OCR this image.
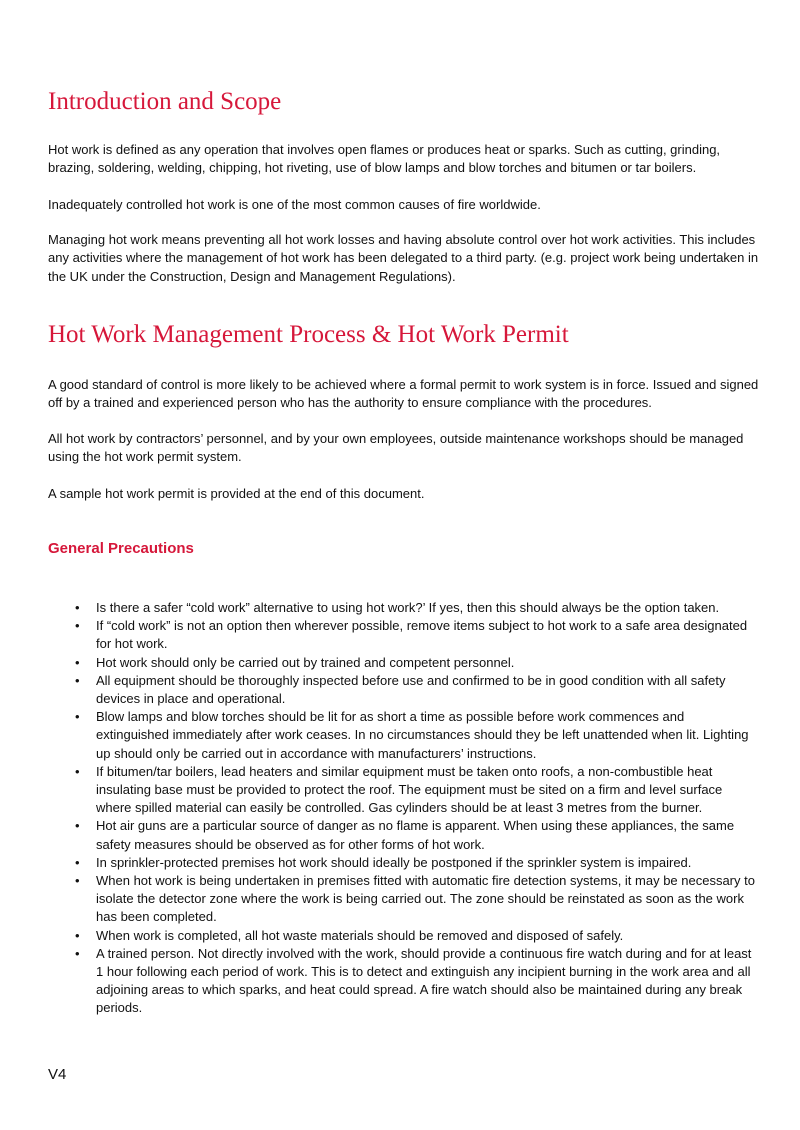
Introduction and Scope

Hot work is defined as any operation that involves open flames or produces heat or sparks. Such as cutting, grinding, brazing, soldering, welding, chipping, hot riveting, use of blow lamps and blow torches and bitumen or tar boilers.

Inadequately controlled hot work is one of the most common causes of fire worldwide.

Managing hot work means preventing all hot work losses and having absolute control over hot work activities. This includes any activities where the management of hot work has been delegated to a third party. (e.g. project work being undertaken in the UK under the Construction, Design and Management Regulations).

Hot Work Management Process & Hot Work Permit

A good standard of control is more likely to be achieved where a formal permit to work system is in force. Issued and signed off by a trained and experienced person who has the authority to ensure compliance with the procedures.

All hot work by contractors’ personnel, and by your own employees, outside maintenance workshops should be managed using the hot work permit system.

A sample hot work permit is provided at the end of this document.

General Precautions
• Is there a safer “cold work” alternative to using hot work?’ If yes, then this should always be the option taken.
• If “cold work” is not an option then wherever possible, remove items subject to hot work to a safe area designated for hot work.
• Hot work should only be carried out by trained and competent personnel.
• All equipment should be thoroughly inspected before use and confirmed to be in good condition with all safety devices in place and operational.
• Blow lamps and blow torches should be lit for as short a time as possible before work commences and extinguished immediately after work ceases. In no circumstances should they be left unattended when lit. Lighting up should only be carried out in accordance with manufacturers’ instructions.
• If bitumen/tar boilers, lead heaters and similar equipment must be taken onto roofs, a non-combustible heat insulating base must be provided to protect the roof. The equipment must be sited on a firm and level surface where spilled material can easily be controlled. Gas cylinders should be at least 3 metres from the burner.
• Hot air guns are a particular source of danger as no flame is apparent. When using these appliances, the same safety measures should be observed as for other forms of hot work.
• In sprinkler-protected premises hot work should ideally be postponed if the sprinkler system is impaired.
• When hot work is being undertaken in premises fitted with automatic fire detection systems, it may be necessary to isolate the detector zone where the work is being carried out. The zone should be reinstated as soon as the work has been completed.
• When work is completed, all hot waste materials should be removed and disposed of safely.
• A trained person. Not directly involved with the work, should provide a continuous fire watch during and for at least 1 hour following each period of work. This is to detect and extinguish any incipient burning in the work area and all adjoining areas to which sparks, and heat could spread. A fire watch should also be maintained during any break periods.
V4
